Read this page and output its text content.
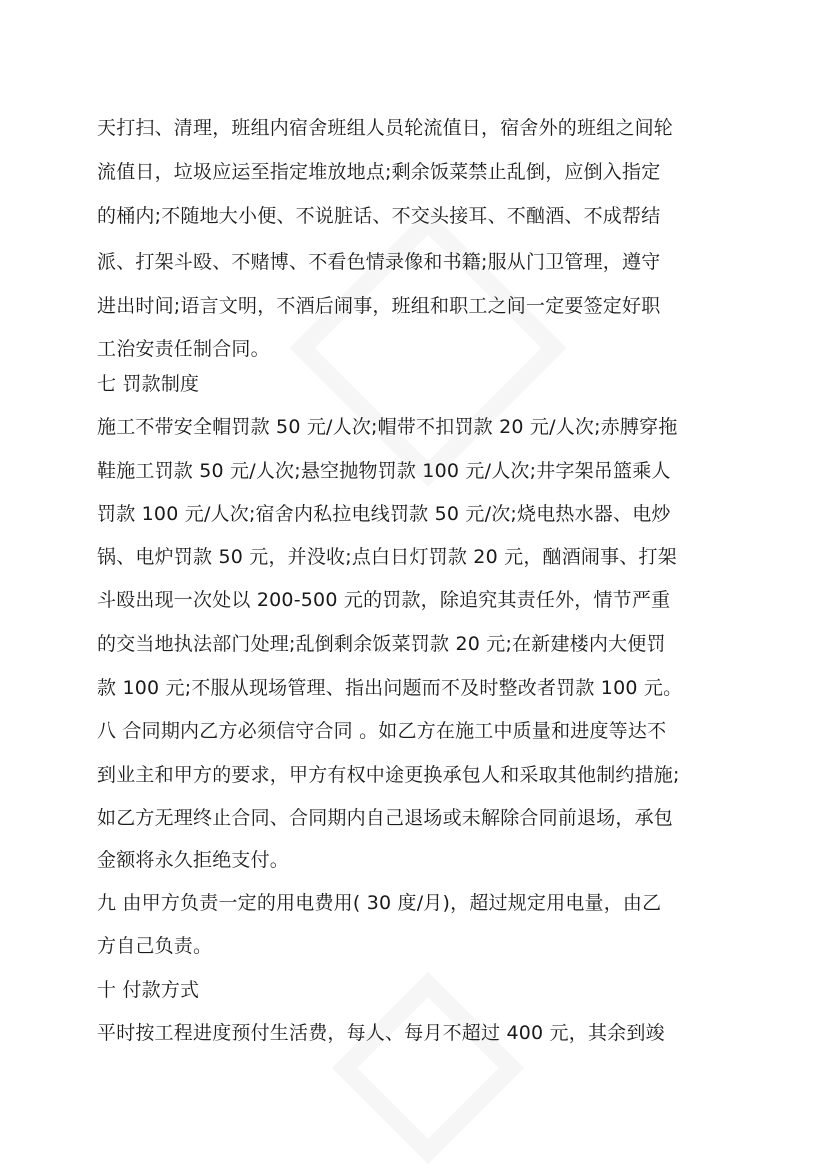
天打扫、清理，班组内宿舍班组人员轮流值日，宿舍外的班组之间轮
流值日，垃圾应运至指定堆放地点;剩余饭菜禁止乱倒，应倒入指定
的桶内;不随地大小便、不说脏话、不交头接耳、不酗酒、不成帮结
派、打架斗殴、不赌博、不看色情录像和书籍;服从门卫管理，遵守
进出时间;语言文明，不酒后闹事，班组和职工之间一定要签定好职
工治安责任制合同。
七 罚款制度
施工不带安全帽罚款 50 元/人次;帽带不扣罚款 20 元/人次;赤膊穿拖
鞋施工罚款 50 元/人次;悬空抛物罚款 100 元/人次;井字架吊篮乘人
罚款 100 元/人次;宿舍内私拉电线罚款 50 元/次;烧电热水器、电炒
锅、电炉罚款 50 元，并没收;点白日灯罚款 20 元，酗酒闹事、打架
斗殴出现一次处以 200-500 元的罚款，除追究其责任外，情节严重
的交当地执法部门处理;乱倒剩余饭菜罚款 20 元;在新建楼内大便罚
款 100 元;不服从现场管理、指出问题而不及时整改者罚款 100 元。
八 合同期内乙方必须信守合同 。如乙方在施工中质量和进度等达不
到业主和甲方的要求，甲方有权中途更换承包人和采取其他制约措施;
如乙方无理终止合同、合同期内自己退场或未解除合同前退场，承包
金额将永久拒绝支付。
九 由甲方负责一定的用电费用( 30 度/月)，超过规定用电量，由乙
方自己负责。
十 付款方式
平时按工程进度预付生活费，每人、每月不超过 400 元，其余到竣
